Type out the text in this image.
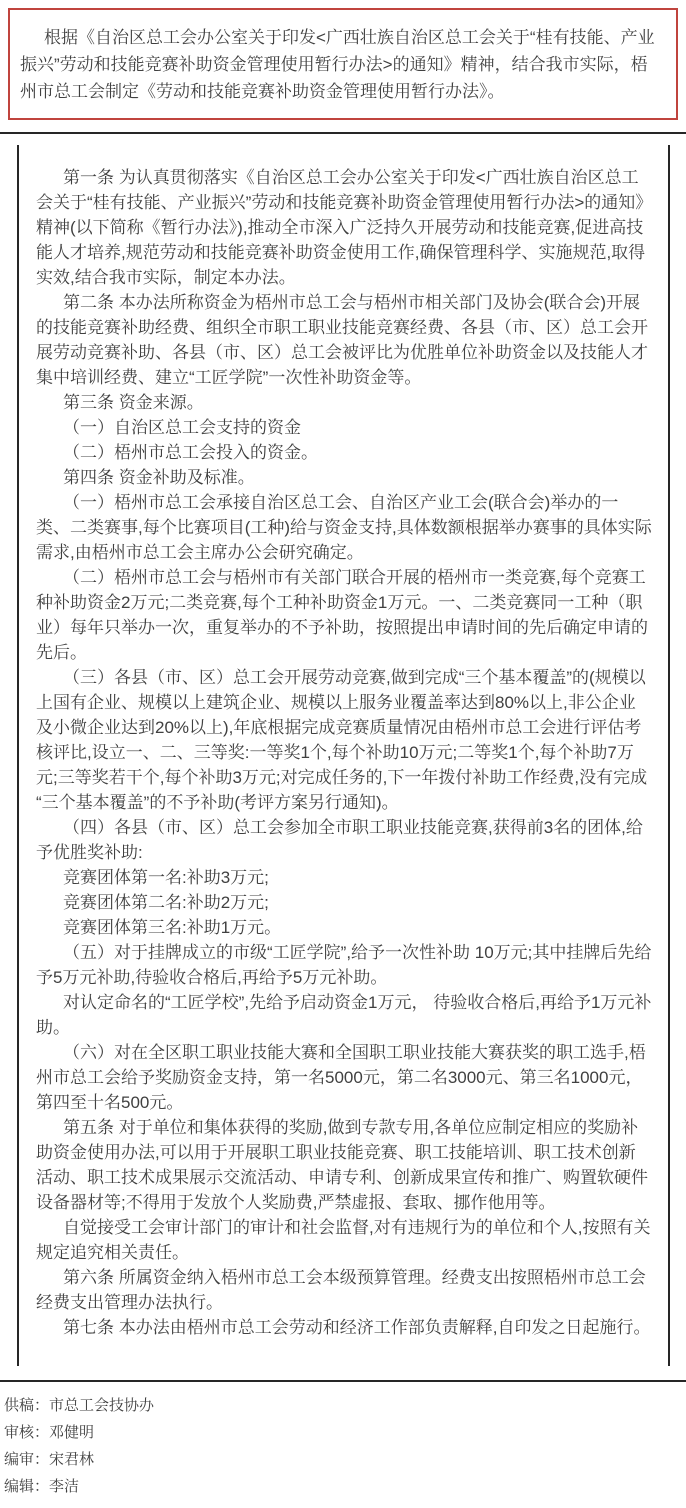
根据《自治区总工会办公室关于印发<广西壮族自治区总工会关于“桂有技能、产业振兴”劳动和技能竞赛补助资金管理使用暂行办法>的通知》精神，结合我市实际，梧州市总工会制定《劳动和技能竞赛补助资金管理使用暂行办法》。

第一条 为认真贯彻落实《自治区总工会办公室关于印发<广西壮族自治区总工会关于“桂有技能、产业振兴”劳动和技能竞赛补助资金管理使用暂行办法>的通知》精神(以下简称《暂行办法》),推动全市深入广泛持久开展劳动和技能竞赛,促进高技能人才培养,规范劳动和技能竞赛补助资金使用工作,确保管理科学、实施规范,取得实效,结合我市实际，制定本办法。

第二条 本办法所称资金为梧州市总工会与梧州市相关部门及协会(联合会)开展的技能竞赛补助经费、组织全市职工职业技能竞赛经费、各县（市、区）总工会开展劳动竞赛补助、各县（市、区）总工会被评比为优胜单位补助资金以及技能人才集中培训经费、建立“工匠学院”一次性补助资金等。

第三条 资金来源。

（一）自治区总工会支持的资金

（二）梧州市总工会投入的资金。

第四条 资金补助及标准。

（一）梧州市总工会承接自治区总工会、自治区产业工会(联合会)举办的一类、二类赛事,每个比赛项目(工种)给与资金支持,具体数额根据举办赛事的具体实际需求,由梧州市总工会主席办公会研究确定。

（二）梧州市总工会与梧州市有关部门联合开展的梧州市一类竞赛,每个竞赛工种补助资金2万元;二类竞赛,每个工种补助资金1万元。一、二类竞赛同一工种（职业）每年只举办一次，重复举办的不予补助，按照提出申请时间的先后确定申请的先后。

（三）各县（市、区）总工会开展劳动竞赛,做到完成“三个基本覆盖”的(规模以上国有企业、规模以上建筑企业、规模以上服务业覆盖率达到80%以上,非公企业及小微企业达到20%以上),年底根据完成竞赛质量情况由梧州市总工会进行评估考核评比,设立一、二、三等奖:一等奖1个,每个补助10万元;二等奖1个,每个补助7万元;三等奖若干个,每个补助3万元;对完成任务的,下一年拨付补助工作经费,没有完成“三个基本覆盖”的不予补助(考评方案另行通知)。

（四）各县（市、区）总工会参加全市职工职业技能竞赛,获得前3名的团体,给予优胜奖补助:

竞赛团体第一名:补助3万元;

竞赛团体第二名:补助2万元;

竞赛团体第三名:补助1万元。

（五）对于挂牌成立的市级“工匠学院”,给予一次性补助 10万元;其中挂牌后先给予5万元补助,待验收合格后,再给予5万元补助。

对认定命名的“工匠学校”,先给予启动资金1万元， 待验收合格后,再给予1万元补助。

（六）对在全区职工职业技能大赛和全国职工职业技能大赛获奖的职工选手,梧州市总工会给予奖励资金支持，第一名5000元，第二名3000元、第三名1000元，第四至十名500元。

第五条 对于单位和集体获得的奖励,做到专款专用,各单位应制定相应的奖励补助资金使用办法,可以用于开展职工职业技能竞赛、职工技能培训、职工技术创新活动、职工技术成果展示交流活动、申请专利、创新成果宣传和推广、购置软硬件设备器材等;不得用于发放个人奖励费,严禁虚报、套取、挪作他用等。

自觉接受工会审计部门的审计和社会监督,对有违规行为的单位和个人,按照有关规定追究相关责任。

第六条 所属资金纳入梧州市总工会本级预算管理。经费支出按照梧州市总工会经费支出管理办法执行。

第七条 本办法由梧州市总工会劳动和经济工作部负责解释,自印发之日起施行。

供稿：市总工会技协办
审核：邓健明
编审：宋君林
编辑：李洁
